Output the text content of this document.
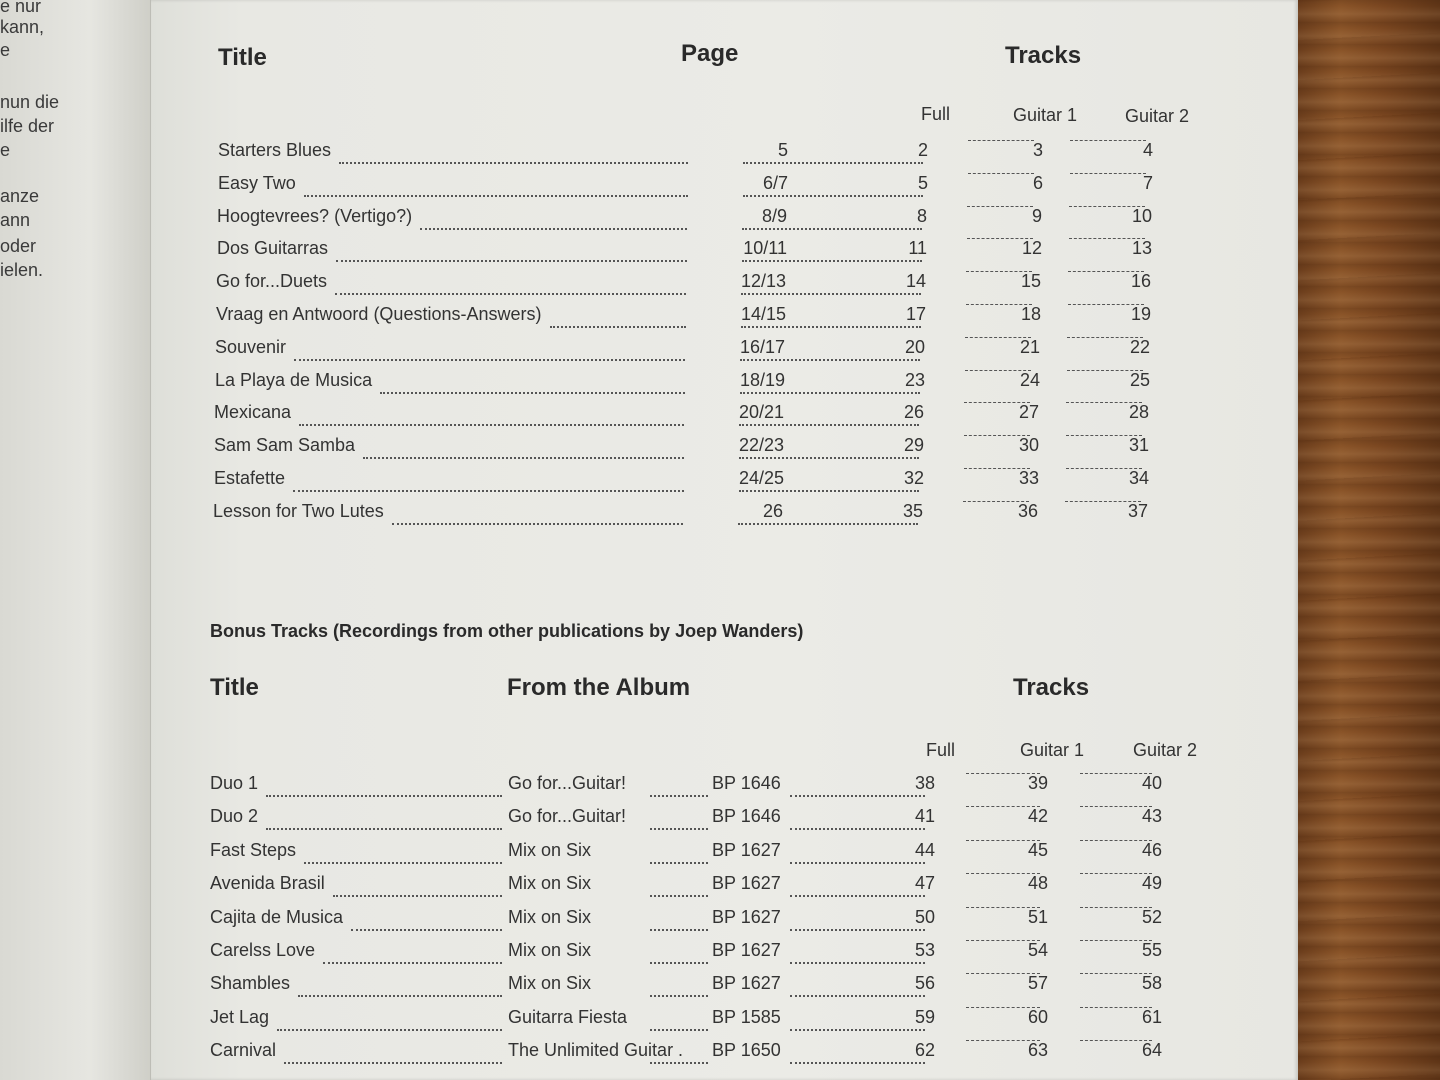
e nur
kann,
e
nun die
ilfe der
e
anze
ann
oder
ielen.
Title	Page	Tracks
Full	Guitar 1	Guitar 2
Starters Blues	5	2	3	4
Easy Two	6/7	5	6	7
Hoogtevrees? (Vertigo?)	8/9	8	9	10
Dos Guitarras	10/11	11	12	13
Go for...Duets	12/13	14	15	16
Vraag en Antwoord (Questions-Answers)	14/15	17	18	19
Souvenir	16/17	20	21	22
La Playa de Musica	18/19	23	24	25
Mexicana	20/21	26	27	28
Sam Sam Samba	22/23	29	30	31
Estafette	24/25	32	33	34
Lesson for Two Lutes	26	35	36	37
Bonus Tracks (Recordings from other publications by Joep Wanders)
Title	From the Album	Tracks
Full	Guitar 1	Guitar 2
Duo 1	Go for...Guitar!	BP 1646	38	39	40
Duo 2	Go for...Guitar!	BP 1646	41	42	43
Fast Steps	Mix on Six	BP 1627	44	45	46
Avenida Brasil	Mix on Six	BP 1627	47	48	49
Cajita de Musica	Mix on Six	BP 1627	50	51	52
Carelss Love	Mix on Six	BP 1627	53	54	55
Shambles	Mix on Six	BP 1627	56	57	58
Jet Lag	Guitarra Fiesta	BP 1585	59	60	61
Carnival	The Unlimited Guitar . BP 1650	62	63	64
